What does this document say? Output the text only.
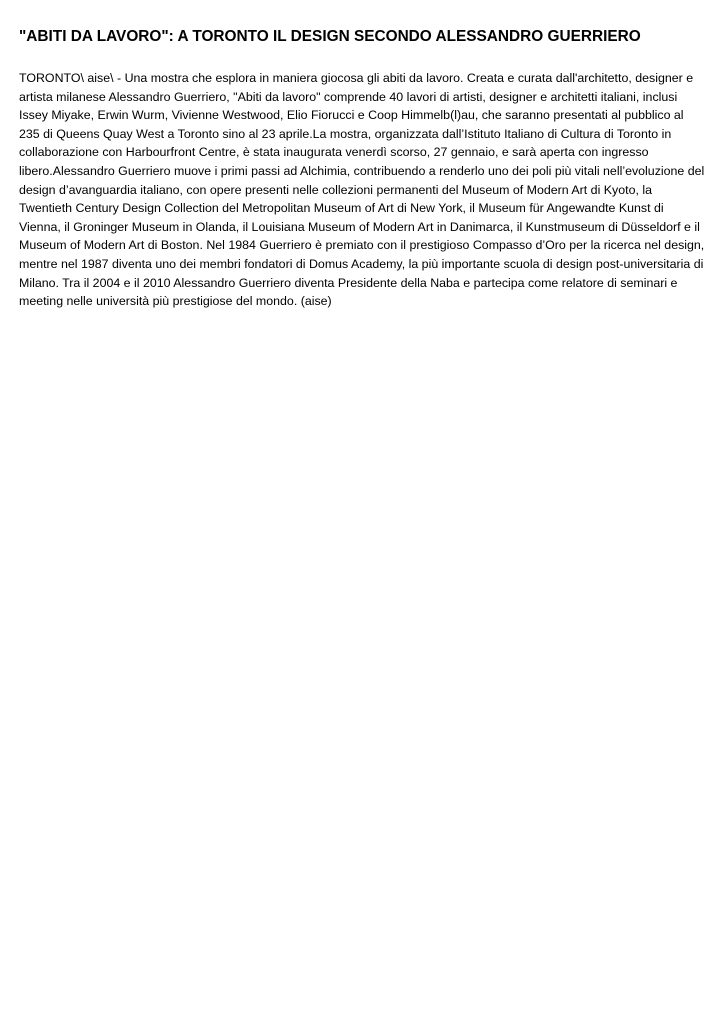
"ABITI DA LAVORO": A TORONTO IL DESIGN SECONDO ALESSANDRO GUERRIERO

TORONTO\ aise\ - Una mostra che esplora in maniera giocosa gli abiti da lavoro. Creata e curata dall'architetto, designer e artista milanese Alessandro Guerriero, "Abiti da lavoro" comprende 40 lavori di artisti, designer e architetti italiani, inclusi Issey Miyake, Erwin Wurm, Vivienne Westwood, Elio Fiorucci e Coop Himmelb(l)au, che saranno presentati al pubblico al 235 di Queens Quay West a Toronto sino al 23 aprile.La mostra, organizzata dall’Istituto Italiano di Cultura di Toronto in collaborazione con Harbourfront Centre, è stata inaugurata venerdì scorso, 27 gennaio, e sarà aperta con ingresso libero.Alessandro Guerriero muove i primi passi ad Alchimia, contribuendo a renderlo uno dei poli più vitali nell’evoluzione del design d’avanguardia italiano, con opere presenti nelle collezioni permanenti del Museum of Modern Art di Kyoto, la Twentieth Century Design Collection del Metropolitan Museum of Art di New York, il Museum für Angewandte Kunst di Vienna, il Groninger Museum in Olanda, il Louisiana Museum of Modern Art in Danimarca, il Kunstmuseum di Düsseldorf e il Museum of Modern Art di Boston. Nel 1984 Guerriero è premiato con il prestigioso Compasso d’Oro per la ricerca nel design, mentre nel 1987 diventa uno dei membri fondatori di Domus Academy, la più importante scuola di design post-universitaria di Milano. Tra il 2004 e il 2010 Alessandro Guerriero diventa Presidente della Naba e partecipa come relatore di seminari e meeting nelle università più prestigiose del mondo. (aise)
